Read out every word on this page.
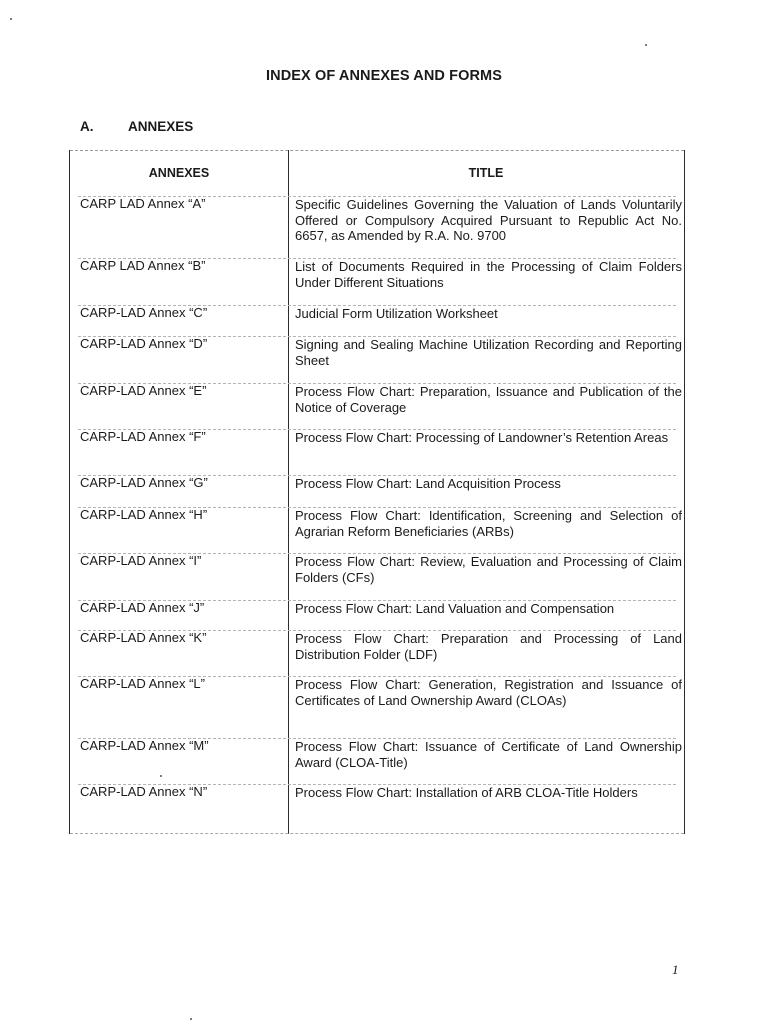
INDEX OF ANNEXES AND FORMS
A.	ANNEXES
ANNEXES	TITLE
CARP LAD Annex “A”	Specific Guidelines Governing the Valuation of Lands Voluntarily Offered or Compulsory Acquired Pursuant to Republic Act No. 6657, as Amended by R.A. No. 9700
CARP LAD Annex “B”	List of Documents Required in the Processing of Claim Folders Under Different Situations
CARP-LAD Annex “C”	Judicial Form Utilization Worksheet
CARP-LAD Annex “D”	Signing and Sealing Machine Utilization Recording and Reporting Sheet
CARP-LAD Annex “E”	Process Flow Chart: Preparation, Issuance and Publication of the Notice of Coverage
CARP-LAD Annex “F”	Process Flow Chart: Processing of Landowner’s Retention Areas
CARP-LAD Annex “G”	Process Flow Chart: Land Acquisition Process
CARP-LAD Annex “H”	Process Flow Chart: Identification, Screening and Selection of Agrarian Reform Beneficiaries (ARBs)
CARP-LAD Annex “I”	Process Flow Chart: Review, Evaluation and Processing of Claim Folders (CFs)
CARP-LAD Annex “J”	Process Flow Chart: Land Valuation and Compensation
CARP-LAD Annex “K”	Process Flow Chart: Preparation and Processing of Land Distribution Folder (LDF)
CARP-LAD Annex “L”	Process Flow Chart: Generation, Registration and Issuance of Certificates of Land Ownership Award (CLOAs)
CARP-LAD Annex “M”	Process Flow Chart: Issuance of Certificate of Land Ownership Award (CLOA-Title)
CARP-LAD Annex “N”	Process Flow Chart: Installation of ARB CLOA-Title Holders
1
